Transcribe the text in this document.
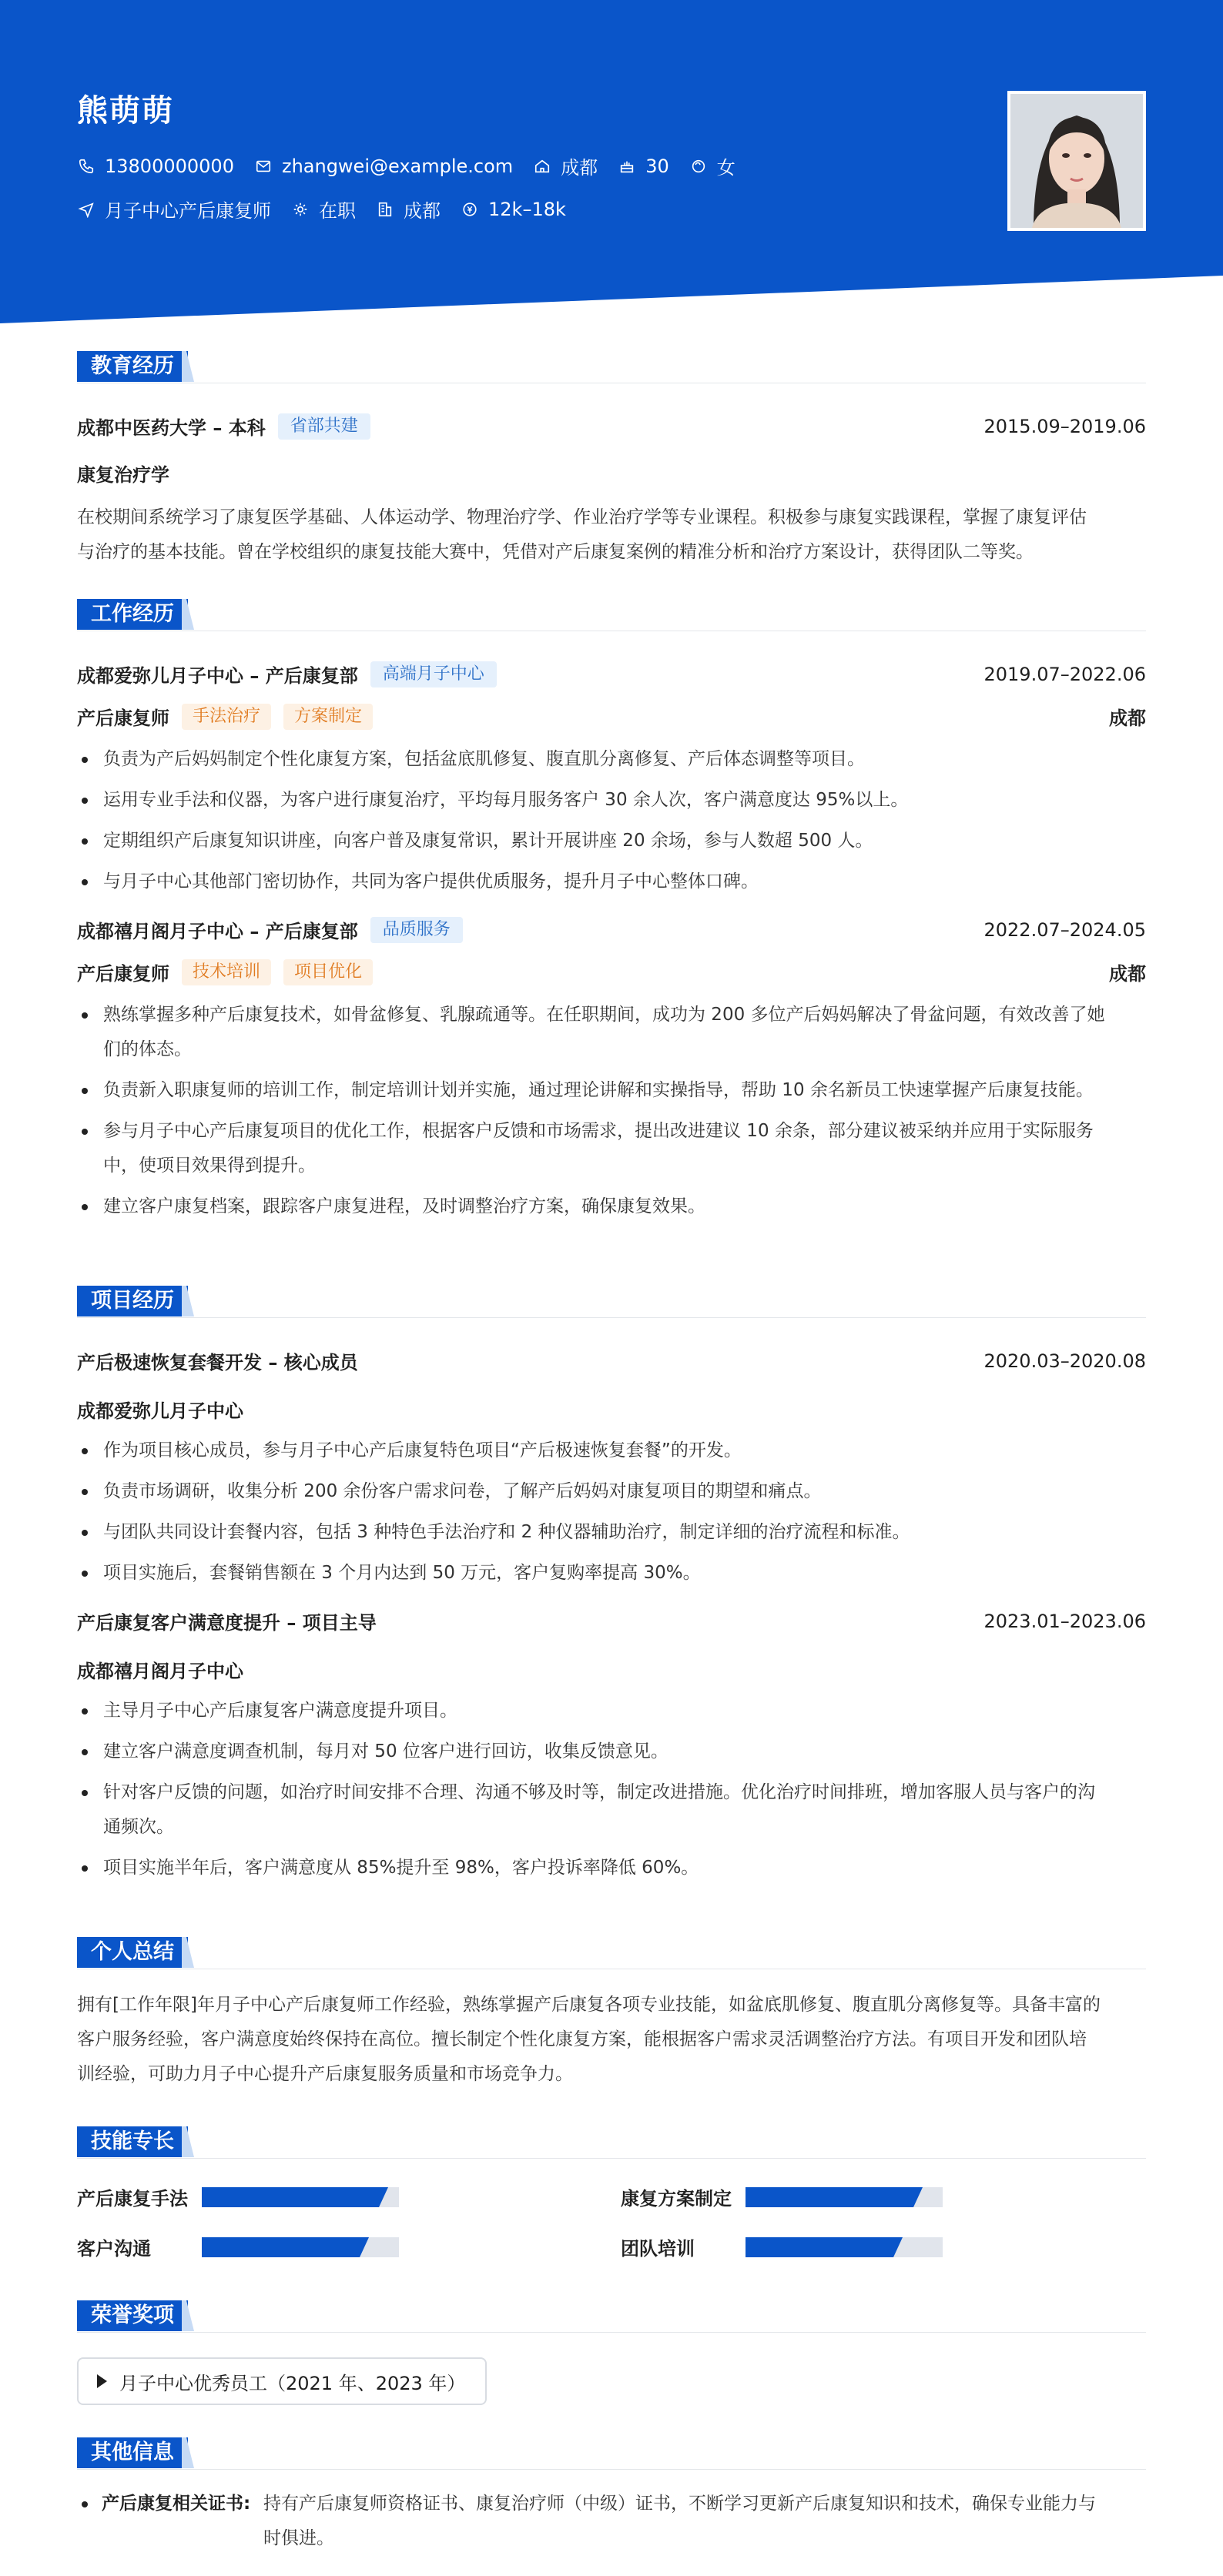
熊萌萌
13800000000	zhangwei@example.com	成都	30	女
月子中心产后康复师	在职	成都	12k–18k
教育经历
成都中医药大学 – 本科	省部共建	2015.09–2019.06
康复治疗学
在校期间系统学习了康复医学基础、人体运动学、物理治疗学、作业治疗学等专业课程。积极参与康复实践课程，掌握了康复评估
与治疗的基本技能。曾在学校组织的康复技能大赛中，凭借对产后康复案例的精准分析和治疗方案设计，获得团队二等奖。
工作经历
成都爱弥儿月子中心 – 产后康复部	高端月子中心	2019.07–2022.06
产后康复师	手法治疗	方案制定	成都
负责为产后妈妈制定个性化康复方案，包括盆底肌修复、腹直肌分离修复、产后体态调整等项目。
运用专业手法和仪器，为客户进行康复治疗，平均每月服务客户 30 余人次，客户满意度达 95%以上。
定期组织产后康复知识讲座，向客户普及康复常识，累计开展讲座 20 余场，参与人数超 500 人。
与月子中心其他部门密切协作，共同为客户提供优质服务，提升月子中心整体口碑。
成都禧月阁月子中心 – 产后康复部	品质服务	2022.07–2024.05
产后康复师	技术培训	项目优化	成都
熟练掌握多种产后康复技术，如骨盆修复、乳腺疏通等。在任职期间，成功为 200 多位产后妈妈解决了骨盆问题，有效改善了她
们的体态。
负责新入职康复师的培训工作，制定培训计划并实施，通过理论讲解和实操指导，帮助 10 余名新员工快速掌握产后康复技能。
参与月子中心产后康复项目的优化工作，根据客户反馈和市场需求，提出改进建议 10 余条，部分建议被采纳并应用于实际服务
中，使项目效果得到提升。
建立客户康复档案，跟踪客户康复进程，及时调整治疗方案，确保康复效果。
项目经历
产后极速恢复套餐开发 – 核心成员	2020.03–2020.08
成都爱弥儿月子中心
作为项目核心成员，参与月子中心产后康复特色项目“产后极速恢复套餐”的开发。
负责市场调研，收集分析 200 余份客户需求问卷，了解产后妈妈对康复项目的期望和痛点。
与团队共同设计套餐内容，包括 3 种特色手法治疗和 2 种仪器辅助治疗，制定详细的治疗流程和标准。
项目实施后，套餐销售额在 3 个月内达到 50 万元，客户复购率提高 30%。
产后康复客户满意度提升 – 项目主导	2023.01–2023.06
成都禧月阁月子中心
主导月子中心产后康复客户满意度提升项目。
建立客户满意度调查机制，每月对 50 位客户进行回访，收集反馈意见。
针对客户反馈的问题，如治疗时间安排不合理、沟通不够及时等，制定改进措施。优化治疗时间排班，增加客服人员与客户的沟
通频次。
项目实施半年后，客户满意度从 85%提升至 98%，客户投诉率降低 60%。
个人总结
拥有[工作年限]年月子中心产后康复师工作经验，熟练掌握产后康复各项专业技能，如盆底肌修复、腹直肌分离修复等。具备丰富的
客户服务经验，客户满意度始终保持在高位。擅长制定个性化康复方案，能根据客户需求灵活调整治疗方法。有项目开发和团队培
训经验，可助力月子中心提升产后康复服务质量和市场竞争力。
技能专长
产后康复手法	康复方案制定
客户沟通	团队培训
荣誉奖项
月子中心优秀员工（2021 年、2023 年）
其他信息
产后康复相关证书: 持有产后康复师资格证书、康复治疗师（中级）证书，不断学习更新产后康复知识和技术，确保专业能力与
时俱进。
